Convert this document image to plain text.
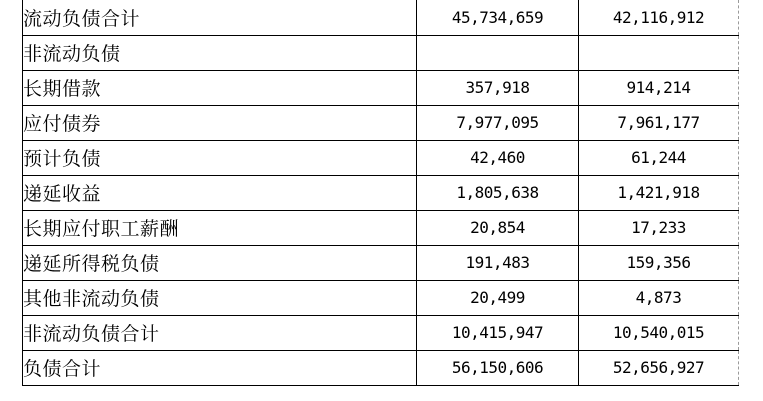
流动负债合计	45,734,659	42,116,912
非流动负债		
长期借款	357,918	914,214
应付债券	7,977,095	7,961,177
预计负债	42,460	61,244
递延收益	1,805,638	1,421,918
长期应付职工薪酬	20,854	17,233
递延所得税负债	191,483	159,356
其他非流动负债	20,499	4,873
非流动负债合计	10,415,947	10,540,015
负债合计	56,150,606	52,656,927
